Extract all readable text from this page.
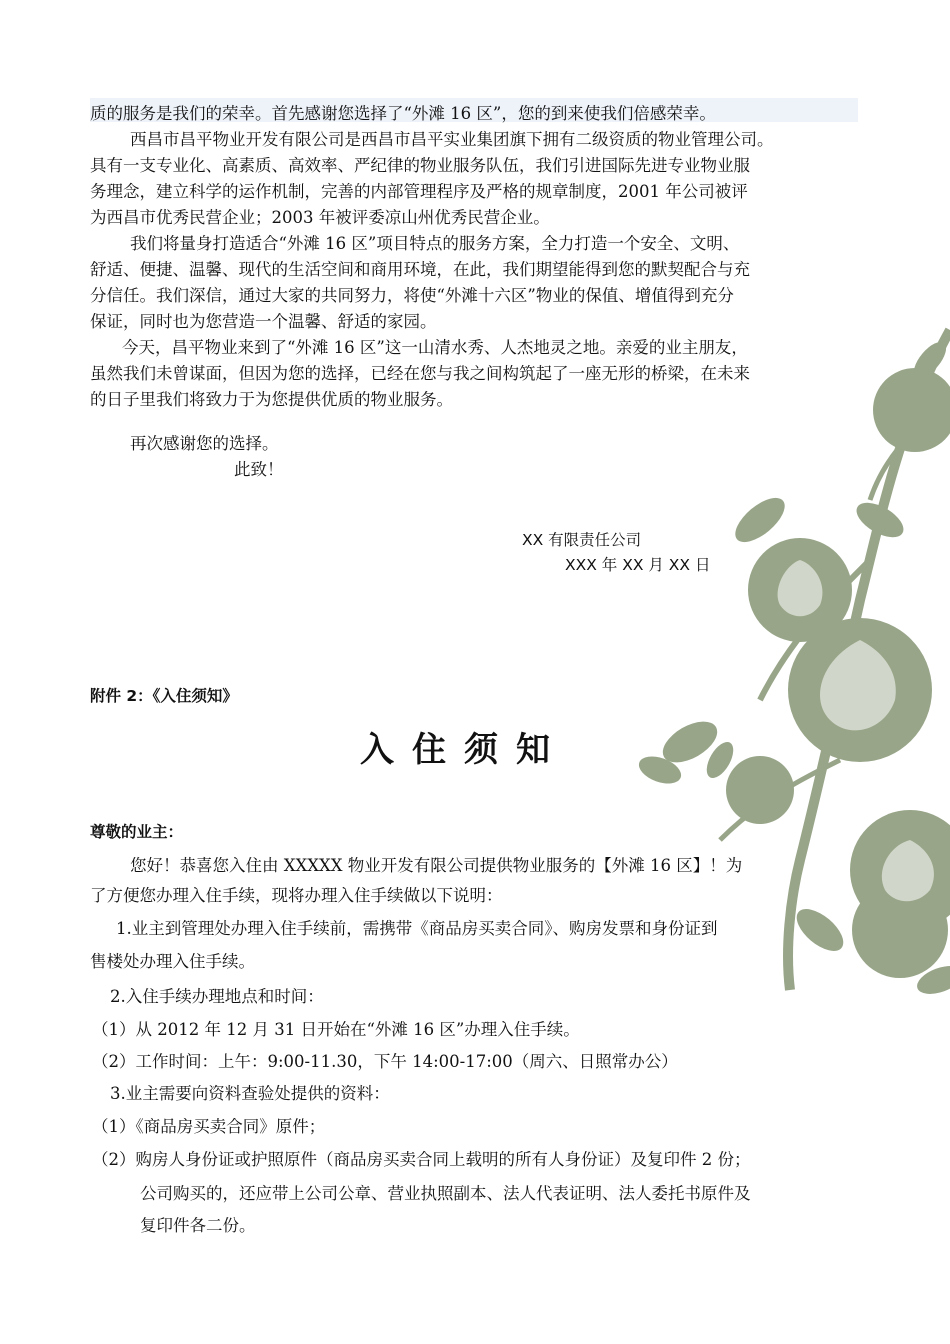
质的服务是我们的荣幸。首先感谢您选择了“外滩 16 区”，您的到来使我们倍感荣幸。
西昌市昌平物业开发有限公司是西昌市昌平实业集团旗下拥有二级资质的物业管理公司。
具有一支专业化、高素质、高效率、严纪律的物业服务队伍，我们引进国际先进专业物业服
务理念，建立科学的运作机制，完善的内部管理程序及严格的规章制度，2001 年公司被评
为西昌市优秀民营企业；2003 年被评委凉山州优秀民营企业。
我们将量身打造适合“外滩 16 区”项目特点的服务方案，全力打造一个安全、文明、
舒适、便捷、温馨、现代的生活空间和商用环境，在此，我们期望能得到您的默契配合与充
分信任。我们深信，通过大家的共同努力，将使“外滩十六区”物业的保值、增值得到充分
保证，同时也为您营造一个温馨、舒适的家园。
今天，昌平物业来到了“外滩 16 区”这一山清水秀、人杰地灵之地。亲爱的业主朋友，
虽然我们未曾谋面，但因为您的选择，已经在您与我之间构筑起了一座无形的桥梁，在未来
的日子里我们将致力于为您提供优质的物业服务。
再次感谢您的选择。
此致！
XX 有限责任公司
XXX 年 XX 月 XX 日
附件 2：《入住须知》
入住须知
尊敬的业主：
您好！恭喜您入住由 XXXXX 物业开发有限公司提供物业服务的【外滩 16 区】！为
了方便您办理入住手续，现将办理入住手续做以下说明：
1.业主到管理处办理入住手续前，需携带《商品房买卖合同》、购房发票和身份证到
售楼处办理入住手续。
2.入住手续办理地点和时间：
（1）从 2012 年 12 月 31 日开始在“外滩 16 区”办理入住手续。
（2）工作时间：上午：9:00-11.30，下午 14:00-17:00（周六、日照常办公）
3.业主需要向资料查验处提供的资料：
（1）《商品房买卖合同》原件；
（2）购房人身份证或护照原件（商品房买卖合同上载明的所有人身份证）及复印件 2 份；
公司购买的，还应带上公司公章、营业执照副本、法人代表证明、法人委托书原件及
复印件各二份。
